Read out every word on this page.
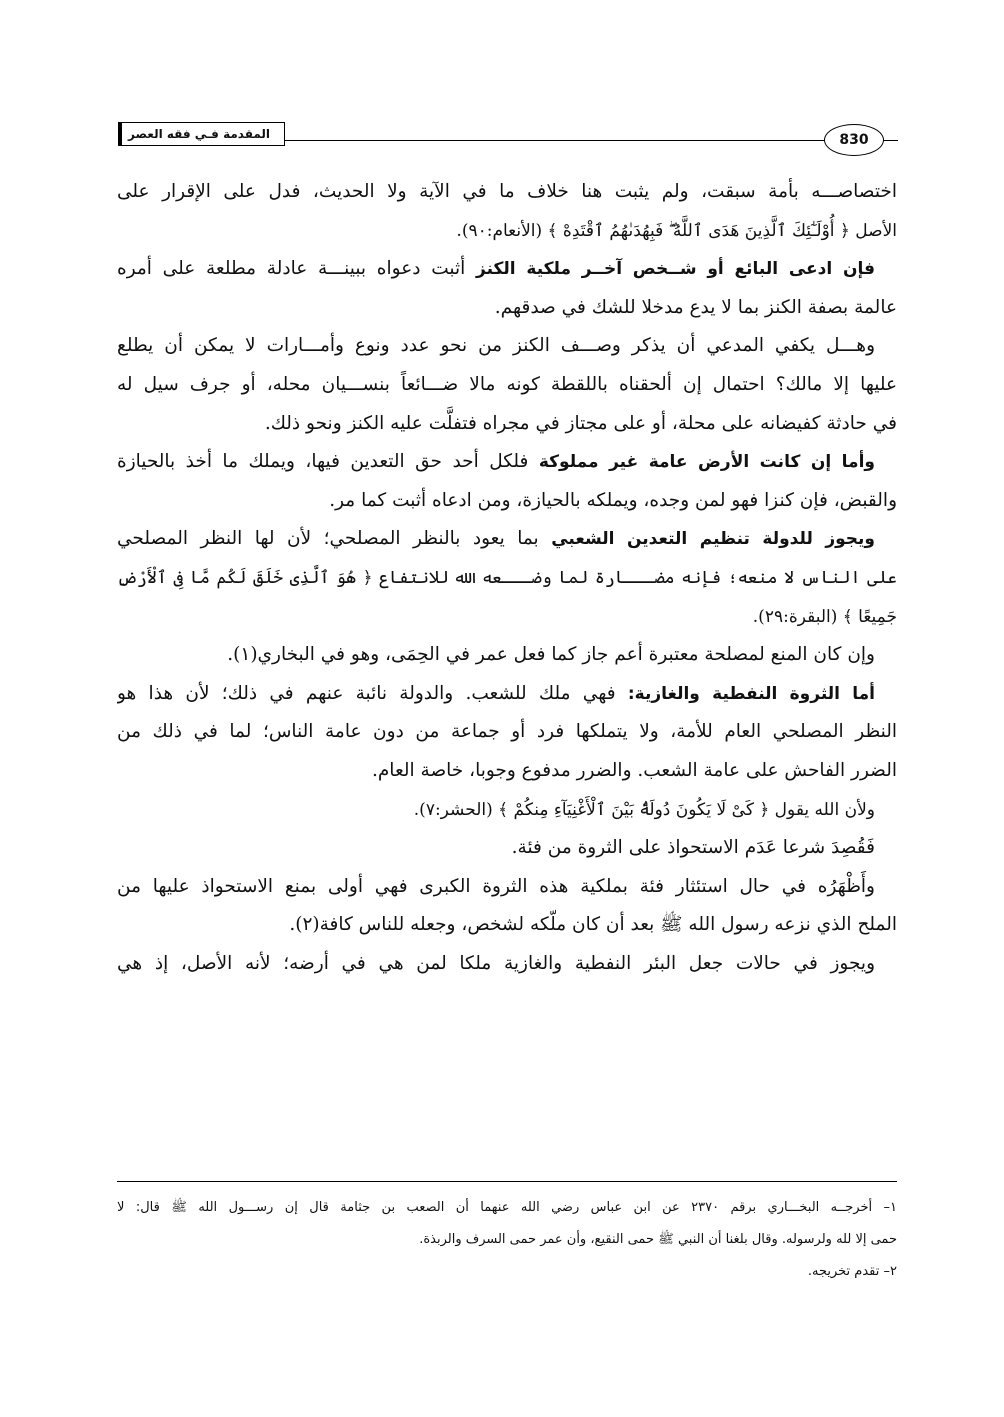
المقدمة فـي فقه العصر	830
اختصاصـــه بأمة سبقت، ولم يثبت هنا خلاف ما في الآية ولا الحديث، فدل على الإقرار على
الأصل ﴿ أُوْلَـٰٓئِكَ ٱلَّذِينَ هَدَى ٱللَّهُ ۖ فَبِهُدَىٰهُمُ ٱقْتَدِهْ ﴾ (الأنعام:٩٠).
فإن ادعى البائع أو شــخص آخــر ملكية الكنز أثبت دعواه ببينـــة عادلة مطلعة على أمره
عالمة بصفة الكنز بما لا يدع مدخلا للشك في صدقهم.
وهـــل يكفي المدعي أن يذكر وصـــف الكنز من نحو عدد ونوع وأمـــارات لا يمكن أن يطلع
عليها إلا مالك؟ احتمال إن ألحقناه باللقطة كونه مالا ضـــائعاً بنســـيان محله، أو جرف سيل له
في حادثة كفيضانه على محلة، أو على مجتاز في مجراه فتفلَّت عليه الكنز ونحو ذلك.
وأما إن كانت الأرض عامة غير مملوكة فلكل أحد حق التعدين فيها، ويملك ما أخذ بالحيازة
والقبض، فإن كنزا فهو لمن وجده، ويملكه بالحيازة، ومن ادعاه أثبت كما مر.
ويجوز للدولة تنظيم التعدين الشعبي بما يعود بالنظر المصلحي؛ لأن لها النظر المصلحي
على الناس لا منعه؛ فإنه مضـــارة لما وضـــعه الله للانتفاع ﴿ هُوَ ٱلَّذِى خَلَقَ لَكُم مَّا فِى ٱلْأَرْضِ
جَمِيعًا ﴾ (البقرة:٢٩).
وإن كان المنع لمصلحة معتبرة أعم جاز كما فعل عمر في الحِمَى، وهو في البخاري(١).
أما الثروة النفطية والغازية: فهي ملك للشعب. والدولة نائبة عنهم في ذلك؛ لأن هذا هو
النظر المصلحي العام للأمة، ولا يتملكها فرد أو جماعة من دون عامة الناس؛ لما في ذلك من
الضرر الفاحش على عامة الشعب. والضرر مدفوع وجوبا، خاصة العام.
ولأن الله يقول ﴿ كَىْ لَا يَكُونَ دُولَةًۢ بَيْنَ ٱلْأَغْنِيَآءِ مِنكُمْ ﴾ (الحشر:٧).
فَقُصِدَ شرعا عَدَم الاستحواذ على الثروة من فئة.
وأَظْهَرُه في حال استئثار فئة بملكية هذه الثروة الكبرى فهي أولى بمنع الاستحواذ عليها من
الملح الذي نزعه رسول الله ﷺ بعد أن كان ملّكه لشخص، وجعله للناس كافة(٢).
ويجوز في حالات جعل البئر النفطية والغازية ملكا لمن هي في أرضه؛ لأنه الأصل، إذ هي
١– أخرجــه البخـــاري برقم ٢٣٧٠ عن ابن عباس رضي الله عنهما أن الصعب بن جثامة قال إن رســـول الله ﷺ قال: لا
حمى إلا لله ولرسوله. وقال بلغنا أن النبي ﷺ حمى النقيع، وأن عمر حمى السرف والربذة.
٢– تقدم تخريجه.
